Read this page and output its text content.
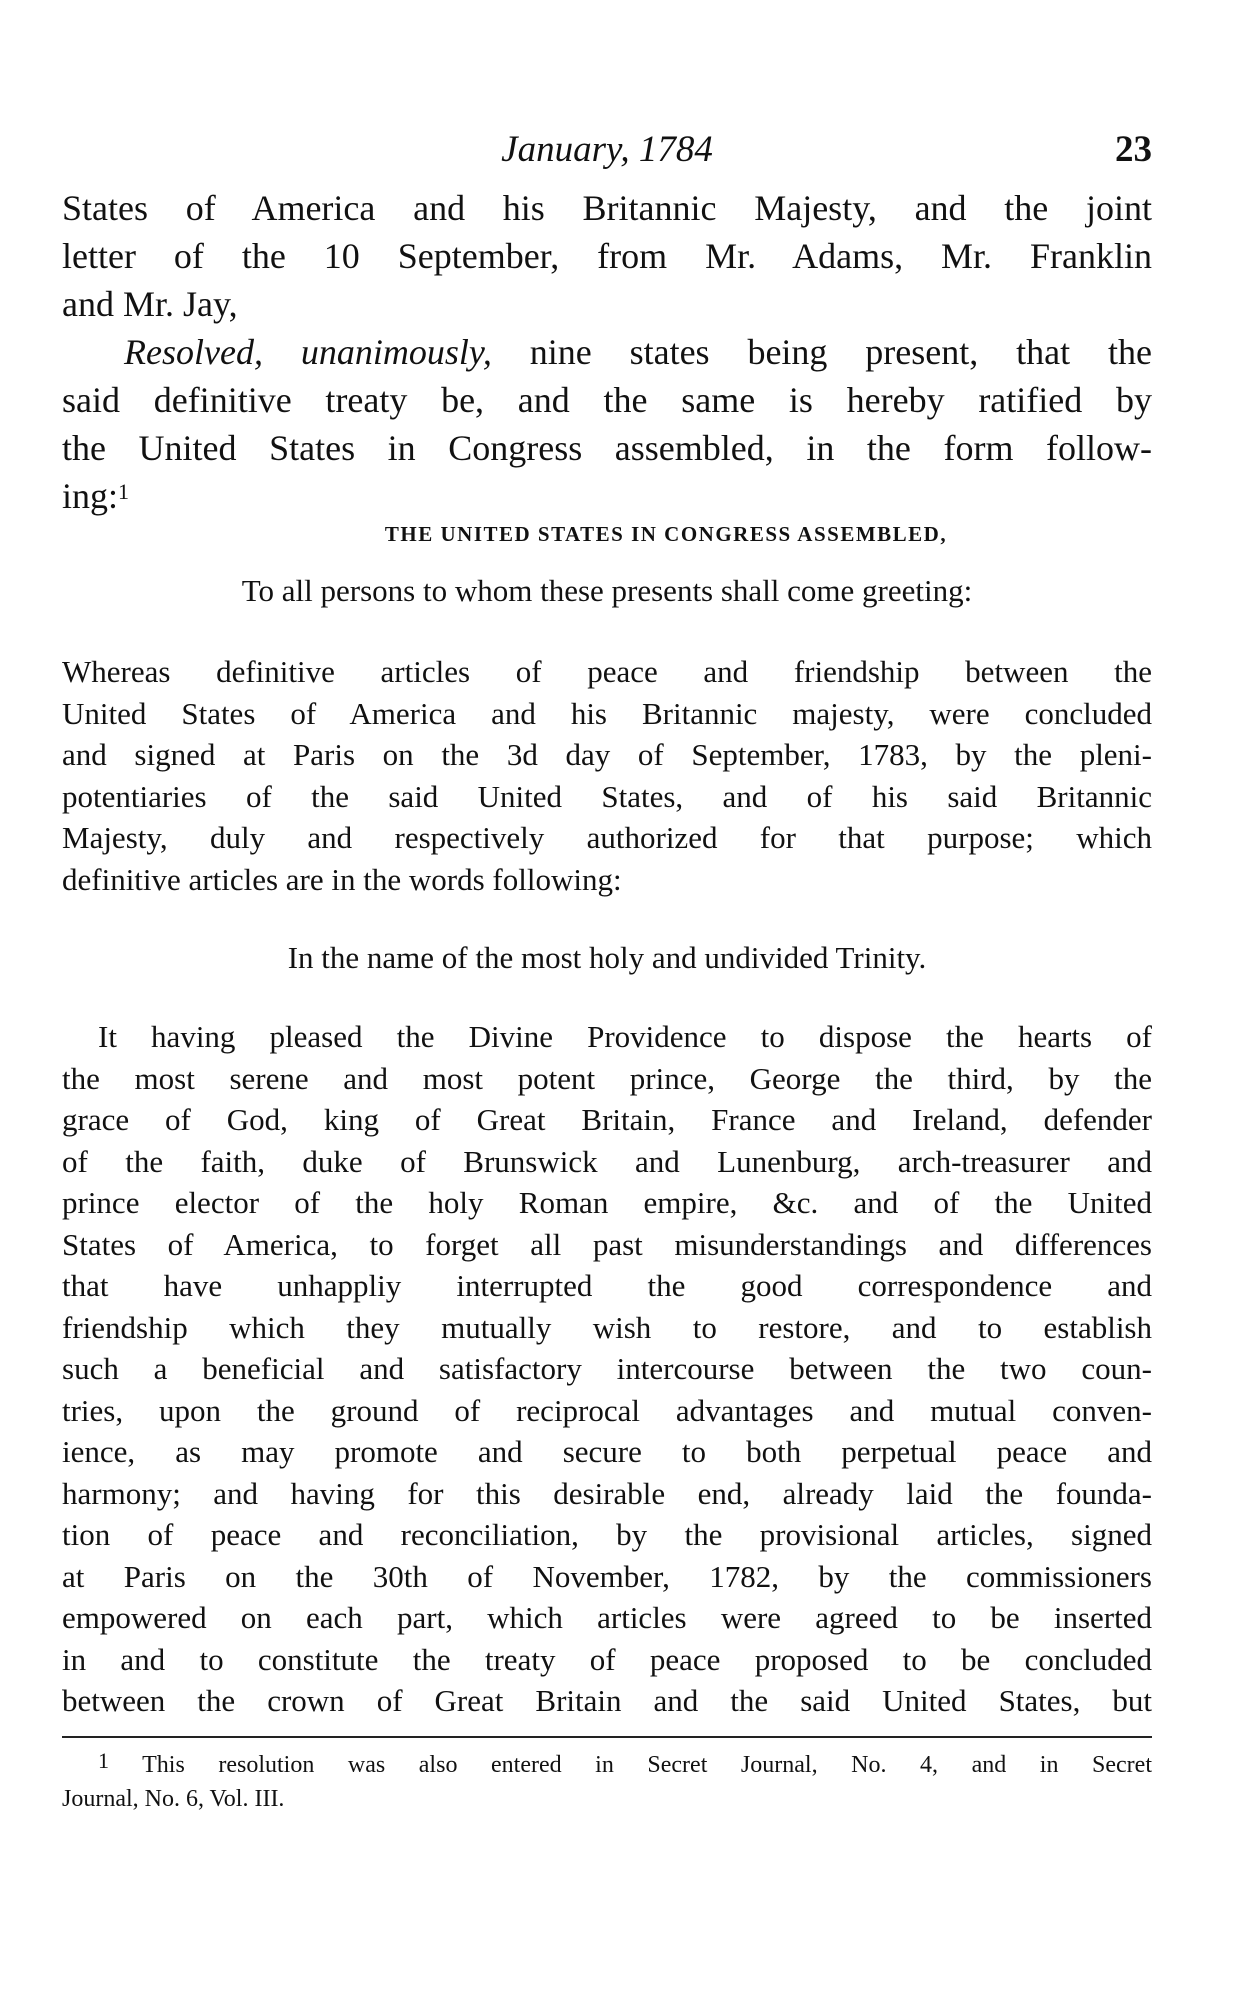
January, 1784	23

States of America and his Britannic Majesty, and the joint
letter of the 10 September, from Mr. Adams, Mr. Franklin
and Mr. Jay,

Resolved, unanimously, nine states being present, that the
said definitive treaty be, and the same is hereby ratified by
the United States in Congress assembled, in the form follow-
ing:$^1$

THE UNITED STATES IN CONGRESS ASSEMBLED,
To all persons to whom these presents shall come greeting:

Whereas definitive articles of peace and friendship between the
United States of America and his Britannic majesty, were concluded
and signed at Paris on the 3d day of September, 1783, by the pleni-
potentiaries of the said United States, and of his said Britannic
Majesty, duly and respectively authorized for that purpose; which
definitive articles are in the words following:

In the name of the most holy and undivided Trinity.

It having pleased the Divine Providence to dispose the hearts of
the most serene and most potent prince, George the third, by the
grace of God, king of Great Britain, France and Ireland, defender
of the faith, duke of Brunswick and Lunenburg, arch-treasurer and
prince elector of the holy Roman empire, &c. and of the United
States of America, to forget all past misunderstandings and differences
that have unhappliy interrupted the good correspondence and
friendship which they mutually wish to restore, and to establish
such a beneficial and satisfactory intercourse between the two coun-
tries, upon the ground of reciprocal advantages and mutual conven-
ience, as may promote and secure to both perpetual peace and
harmony; and having for this desirable end, already laid the founda-
tion of peace and reconciliation, by the provisional articles, signed
at Paris on the 30th of November, 1782, by the commissioners
empowered on each part, which articles were agreed to be inserted
in and to constitute the treaty of peace proposed to be concluded
between the crown of Great Britain and the said United States, but

$^1$ This resolution was also entered in Secret Journal, No. 4, and in Secret
Journal, No. 6, Vol. III.
